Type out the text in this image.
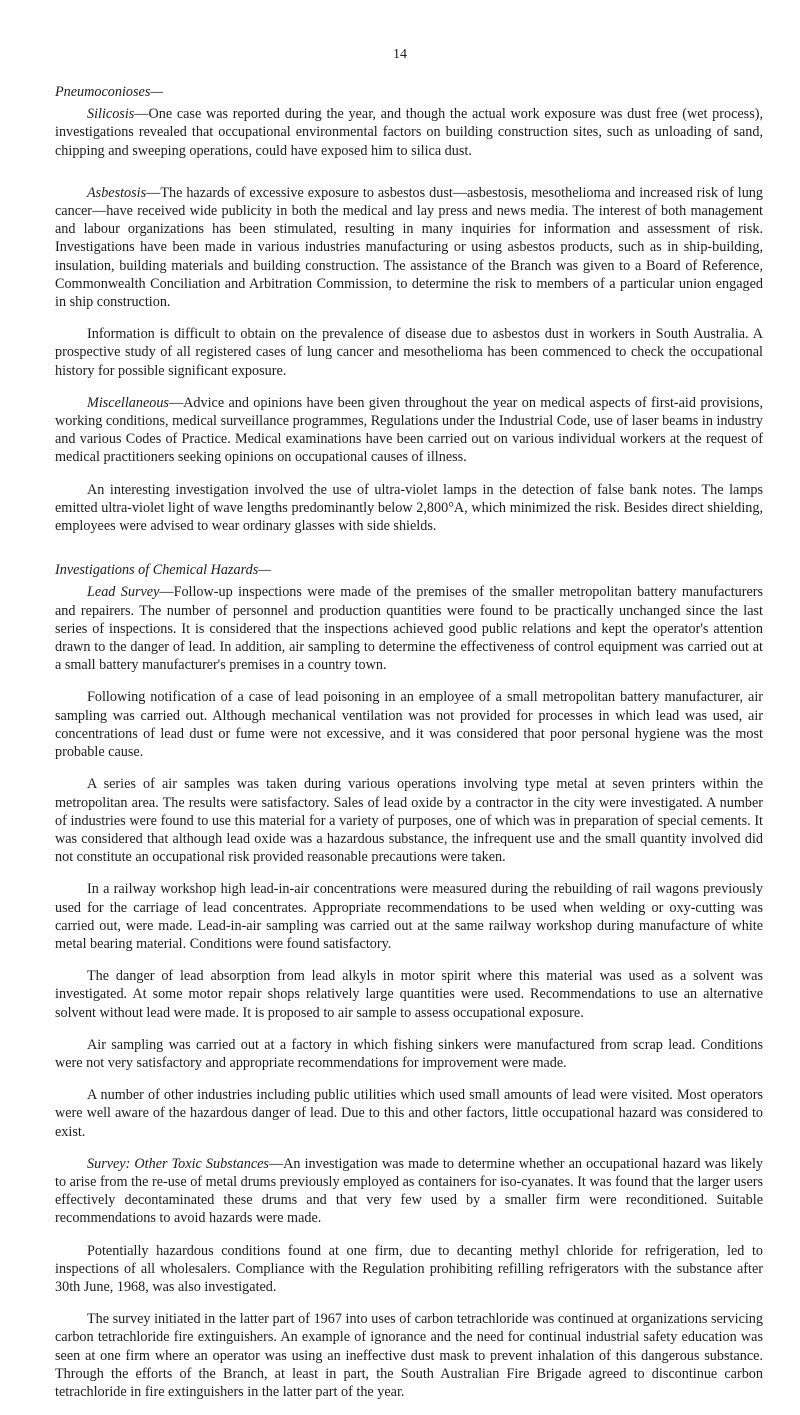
14
Pneumoconioses—

Silicosis—One case was reported during the year, and though the actual work exposure was dust free (wet process), investigations revealed that occupational environmental factors on building construction sites, such as unloading of sand, chipping and sweeping operations, could have exposed him to silica dust.

Asbestosis—The hazards of excessive exposure to asbestos dust—asbestosis, mesothelioma and increased risk of lung cancer—have received wide publicity in both the medical and lay press and news media. The interest of both management and labour organizations has been stimulated, resulting in many inquiries for information and assessment of risk. Investigations have been made in various industries manufacturing or using asbestos products, such as in ship-building, insulation, building materials and building construction. The assistance of the Branch was given to a Board of Reference, Commonwealth Conciliation and Arbitration Commission, to determine the risk to members of a particular union engaged in ship construction.

Information is difficult to obtain on the prevalence of disease due to asbestos dust in workers in South Australia. A prospective study of all registered cases of lung cancer and mesothelioma has been commenced to check the occupational history for possible significant exposure.

Miscellaneous—Advice and opinions have been given throughout the year on medical aspects of first-aid provisions, working conditions, medical surveillance programmes, Regulations under the Industrial Code, use of laser beams in industry and various Codes of Practice. Medical examinations have been carried out on various individual workers at the request of medical practitioners seeking opinions on occupational causes of illness.

An interesting investigation involved the use of ultra-violet lamps in the detection of false bank notes. The lamps emitted ultra-violet light of wave lengths predominantly below 2,800°A, which minimized the risk. Besides direct shielding, employees were advised to wear ordinary glasses with side shields.

Investigations of Chemical Hazards—

Lead Survey—Follow-up inspections were made of the premises of the smaller metropolitan battery manufacturers and repairers. The number of personnel and production quantities were found to be practically unchanged since the last series of inspections. It is considered that the inspections achieved good public relations and kept the operator's attention drawn to the danger of lead. In addition, air sampling to determine the effectiveness of control equipment was carried out at a small battery manufacturer's premises in a country town.

Following notification of a case of lead poisoning in an employee of a small metropolitan battery manufacturer, air sampling was carried out. Although mechanical ventilation was not provided for processes in which lead was used, air concentrations of lead dust or fume were not excessive, and it was considered that poor personal hygiene was the most probable cause.

A series of air samples was taken during various operations involving type metal at seven printers within the metropolitan area. The results were satisfactory. Sales of lead oxide by a contractor in the city were investigated. A number of industries were found to use this material for a variety of purposes, one of which was in preparation of special cements. It was considered that although lead oxide was a hazardous substance, the infrequent use and the small quantity involved did not constitute an occupational risk provided reasonable precautions were taken.

In a railway workshop high lead-in-air concentrations were measured during the rebuilding of rail wagons previously used for the carriage of lead concentrates. Appropriate recommendations to be used when welding or oxy-cutting was carried out, were made. Lead-in-air sampling was carried out at the same railway workshop during manufacture of white metal bearing material. Conditions were found satisfactory.

The danger of lead absorption from lead alkyls in motor spirit where this material was used as a solvent was investigated. At some motor repair shops relatively large quantities were used. Recommendations to use an alternative solvent without lead were made. It is proposed to air sample to assess occupational exposure.

Air sampling was carried out at a factory in which fishing sinkers were manufactured from scrap lead. Conditions were not very satisfactory and appropriate recommendations for improvement were made.

A number of other industries including public utilities which used small amounts of lead were visited. Most operators were well aware of the hazardous danger of lead. Due to this and other factors, little occupational hazard was considered to exist.

Survey: Other Toxic Substances—An investigation was made to determine whether an occupational hazard was likely to arise from the re-use of metal drums previously employed as containers for iso-cyanates. It was found that the larger users effectively decontaminated these drums and that very few used by a smaller firm were reconditioned. Suitable recommendations to avoid hazards were made.

Potentially hazardous conditions found at one firm, due to decanting methyl chloride for refrigeration, led to inspections of all wholesalers. Compliance with the Regulation prohibiting refilling refrigerators with the substance after 30th June, 1968, was also investigated.

The survey initiated in the latter part of 1967 into uses of carbon tetrachloride was continued at organizations servicing carbon tetrachloride fire extinguishers. An example of ignorance and the need for continual industrial safety education was seen at one firm where an operator was using an ineffective dust mask to prevent inhalation of this dangerous substance. Through the efforts of the Branch, at least in part, the South Australian Fire Brigade agreed to discontinue carbon tetrachloride in fire extinguishers in the latter part of the year.
